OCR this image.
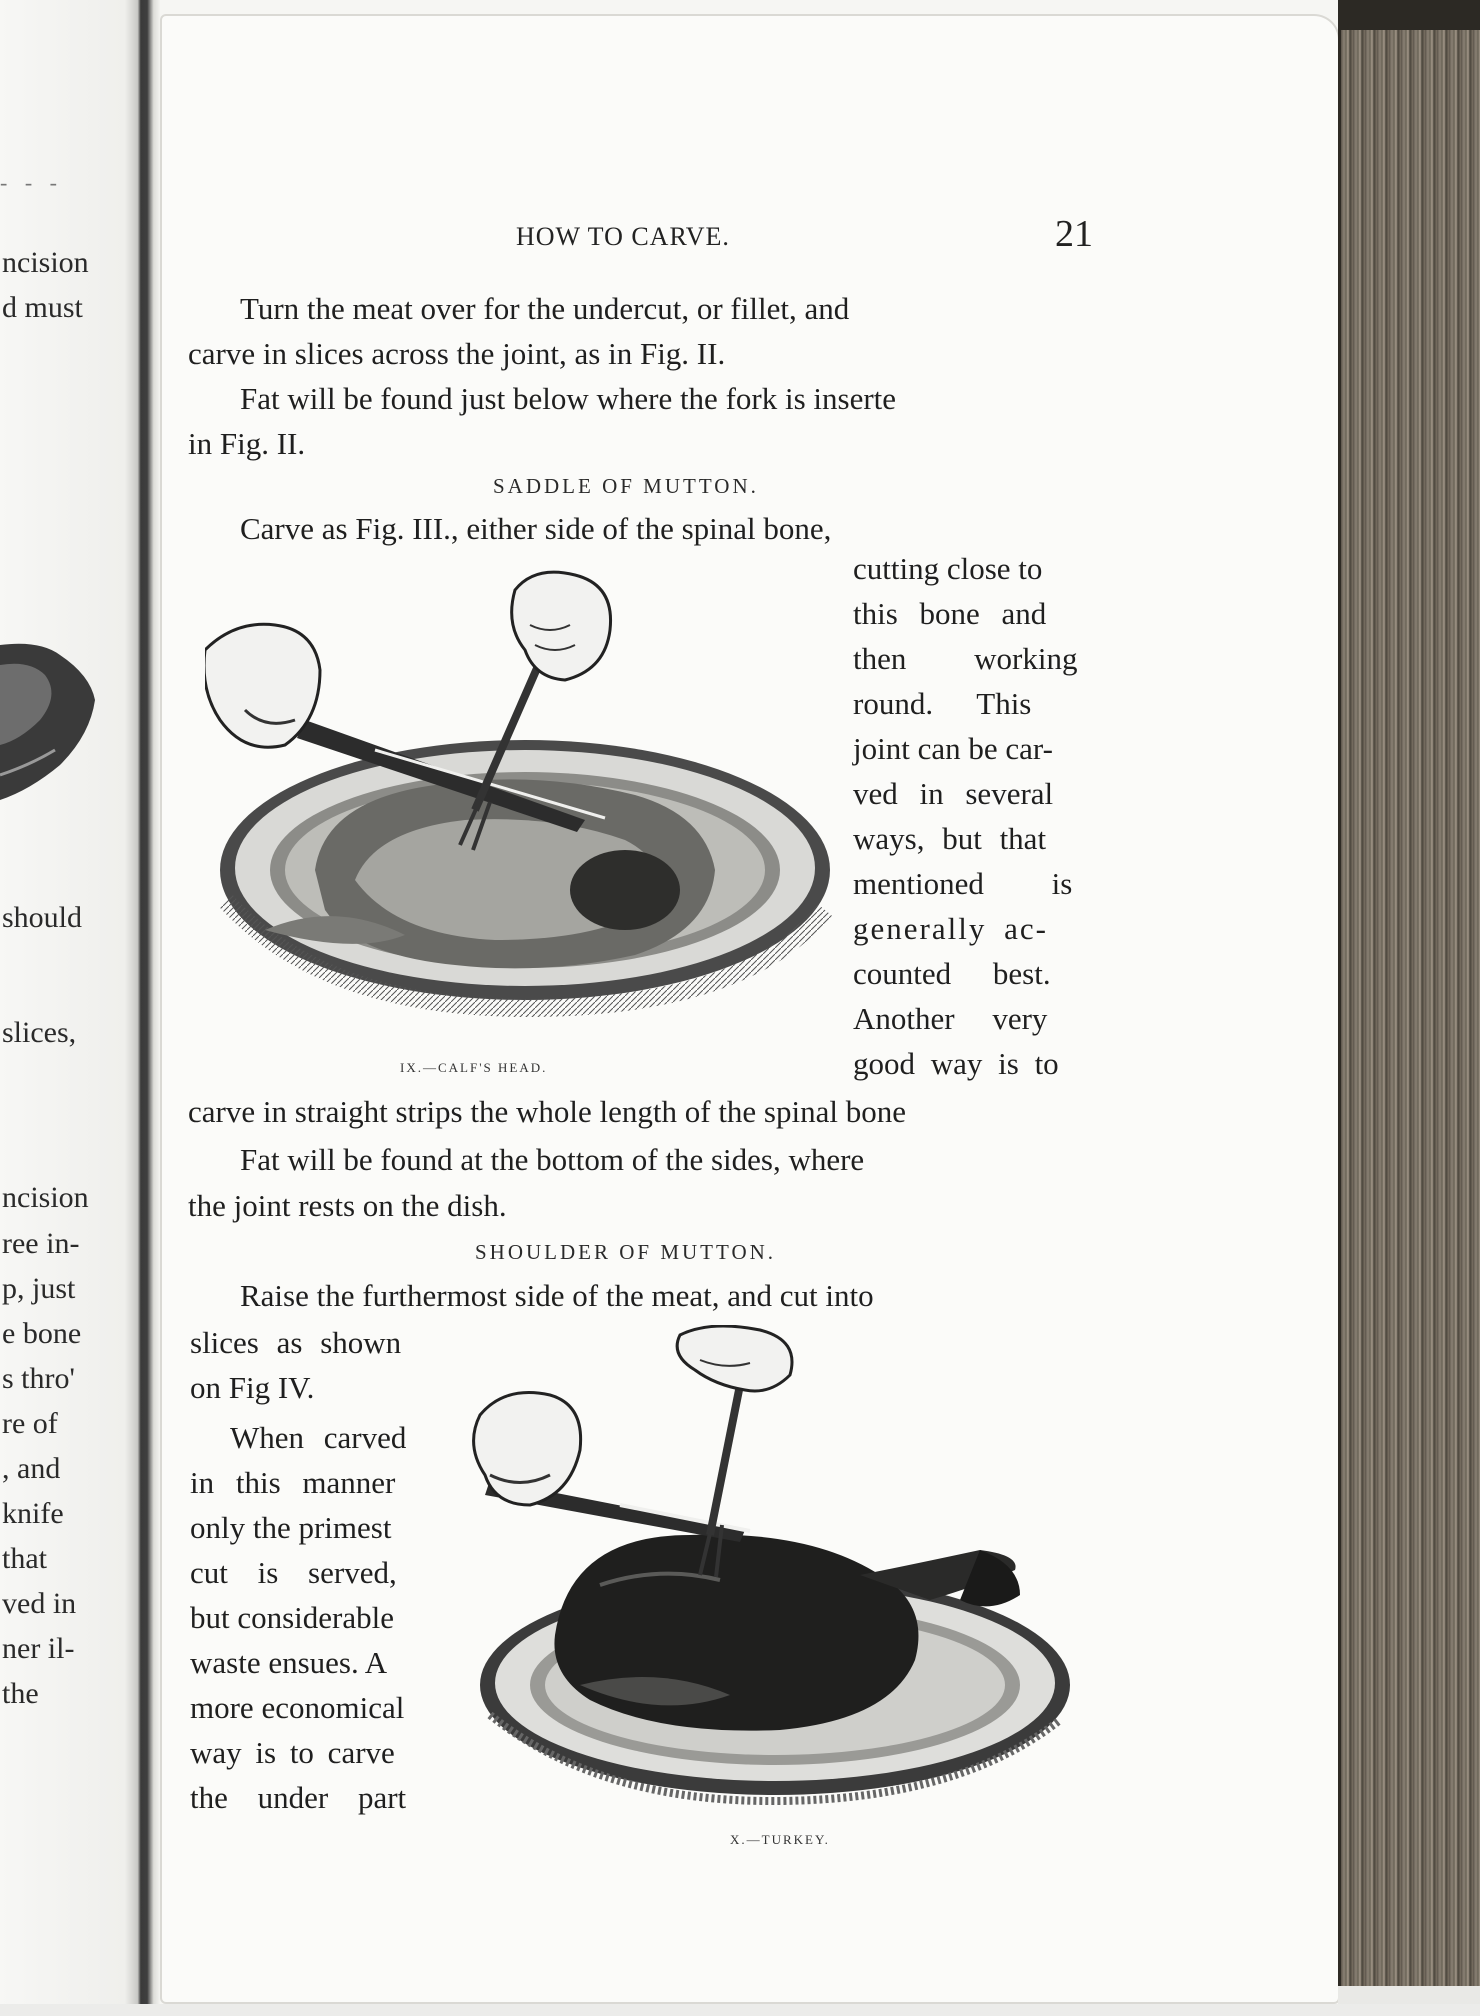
- - -
ncision
d must
should
slices,
ncision
ree in-
p, just
e bone
s thro'
re of
, and
knife
that
ved in
ner il-
the
HOW TO CARVE.	21
Turn the meat over for the undercut, or fillet, and
carve in slices across the joint, as in Fig. II.
Fat will be found just below where the fork is inserte
in Fig. II.
SADDLE OF MUTTON.
Carve as Fig. III., either side of the spinal bone,
cutting close to
this bone and
then working
round. This
joint can be car-
ved in several
ways, but that
mentioned is
generally ac-
counted best.
Another very
good way is to
IX.—CALF'S HEAD.
carve in straight strips the whole length of the spinal bone
Fat will be found at the bottom of the sides, where
the joint rests on the dish.
SHOULDER OF MUTTON.
Raise the furthermost side of the meat, and cut into
slices as shown
on Fig IV.
When carved
in this manner
only the primest
cut is served,
but considerable
waste ensues. A
more economical
way is to carve
the under part
X.—TURKEY.
